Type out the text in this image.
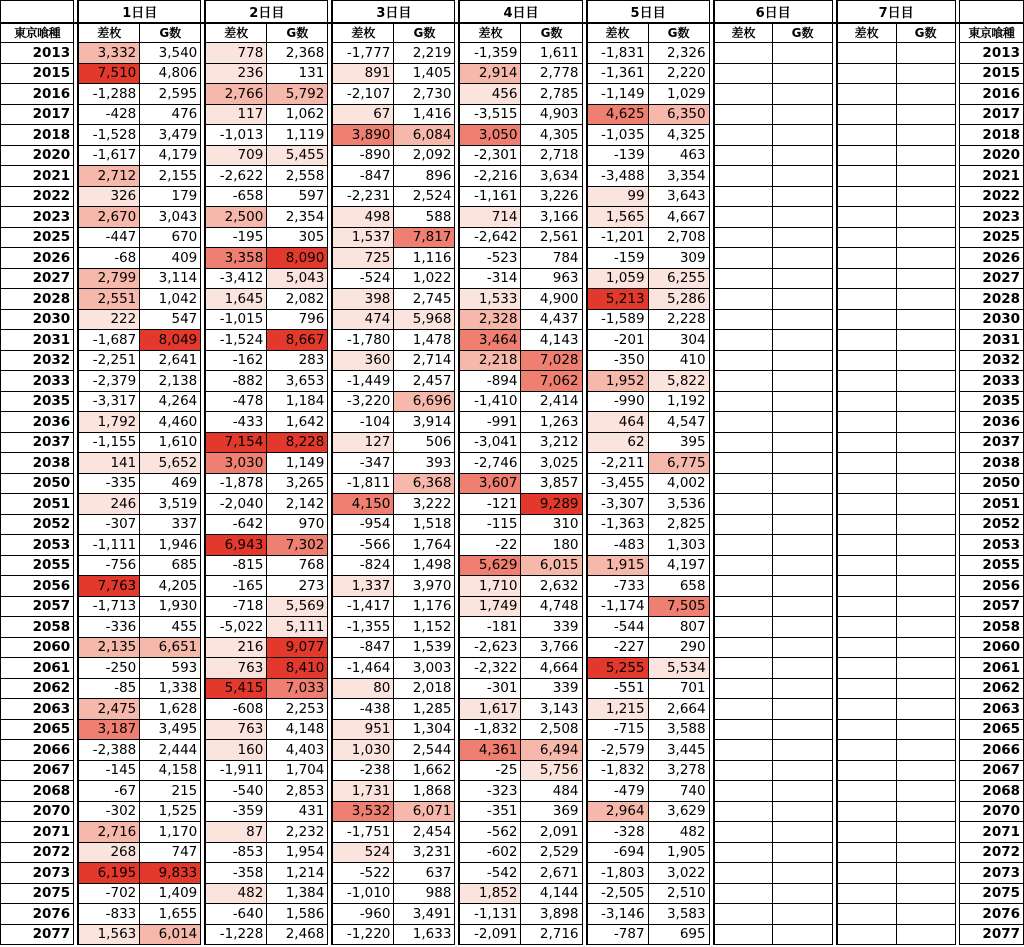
		1日目			2日目			3日目			4日目			5日目			6日目			7日目			
東京喰種		差枚	G数		差枚	G数		差枚	G数		差枚	G数		差枚	G数		差枚	G数		差枚	G数		東京喰種
2013		3,332	3,540		778	2,368		-1,777	2,219		-1,359	1,611		-1,831	2,326								2013
2015		7,510	4,806		236	131		891	1,405		2,914	2,778		-1,361	2,220								2015
2016		-1,288	2,595		2,766	5,792		-2,107	2,730		456	2,785		-1,149	1,029								2016
2017		-428	476		117	1,062		67	1,416		-3,515	4,903		4,625	6,350								2017
2018		-1,528	3,479		-1,013	1,119		3,890	6,084		3,050	4,305		-1,035	4,325								2018
2020		-1,617	4,179		709	5,455		-890	2,092		-2,301	2,718		-139	463								2020
2021		2,712	2,155		-2,622	2,558		-847	896		-2,216	3,634		-3,488	3,354								2021
2022		326	179		-658	597		-2,231	2,524		-1,161	3,226		99	3,643								2022
2023		2,670	3,043		2,500	2,354		498	588		714	3,166		1,565	4,667								2023
2025		-447	670		-195	305		1,537	7,817		-2,642	2,561		-1,201	2,708								2025
2026		-68	409		3,358	8,090		725	1,116		-523	784		-159	309								2026
2027		2,799	3,114		-3,412	5,043		-524	1,022		-314	963		1,059	6,255								2027
2028		2,551	1,042		1,645	2,082		398	2,745		1,533	4,900		5,213	5,286								2028
2030		222	547		-1,015	796		474	5,968		2,328	4,437		-1,589	2,228								2030
2031		-1,687	8,049		-1,524	8,667		-1,780	1,478		3,464	4,143		-201	304								2031
2032		-2,251	2,641		-162	283		360	2,714		2,218	7,028		-350	410								2032
2033		-2,379	2,138		-882	3,653		-1,449	2,457		-894	7,062		1,952	5,822								2033
2035		-3,317	4,264		-478	1,184		-3,220	6,696		-1,410	2,414		-990	1,192								2035
2036		1,792	4,460		-433	1,642		-104	3,914		-991	1,263		464	4,547								2036
2037		-1,155	1,610		7,154	8,228		127	506		-3,041	3,212		62	395								2037
2038		141	5,652		3,030	1,149		-347	393		-2,746	3,025		-2,211	6,775								2038
2050		-335	469		-1,878	3,265		-1,811	6,368		3,607	3,857		-3,455	4,002								2050
2051		246	3,519		-2,040	2,142		4,150	3,222		-121	9,289		-3,307	3,536								2051
2052		-307	337		-642	970		-954	1,518		-115	310		-1,363	2,825								2052
2053		-1,111	1,946		6,943	7,302		-566	1,764		-22	180		-483	1,303								2053
2055		-756	685		-815	768		-824	1,498		5,629	6,015		1,915	4,197								2055
2056		7,763	4,205		-165	273		1,337	3,970		1,710	2,632		-733	658								2056
2057		-1,713	1,930		-718	5,569		-1,417	1,176		1,749	4,748		-1,174	7,505								2057
2058		-336	455		-5,022	5,111		-1,355	1,152		-181	339		-544	807								2058
2060		2,135	6,651		216	9,077		-847	1,539		-2,623	3,766		-227	290								2060
2061		-250	593		763	8,410		-1,464	3,003		-2,322	4,664		5,255	5,534								2061
2062		-85	1,338		5,415	7,033		80	2,018		-301	339		-551	701								2062
2063		2,475	1,628		-608	2,253		-438	1,285		1,617	3,143		1,215	2,664								2063
2065		3,187	3,495		763	4,148		951	1,304		-1,832	2,508		-715	3,588								2065
2066		-2,388	2,444		160	4,403		1,030	2,544		4,361	6,494		-2,579	3,445								2066
2067		-145	4,158		-1,911	1,704		-238	1,662		-25	5,756		-1,832	3,278								2067
2068		-67	215		-540	2,853		1,731	1,868		-323	484		-479	740								2068
2070		-302	1,525		-359	431		3,532	6,071		-351	369		2,964	3,629								2070
2071		2,716	1,170		87	2,232		-1,751	2,454		-562	2,091		-328	482								2071
2072		268	747		-853	1,954		524	3,231		-602	2,529		-694	1,905								2072
2073		6,195	9,833		-358	1,214		-522	637		-542	2,671		-1,803	3,022								2073
2075		-702	1,409		482	1,384		-1,010	988		1,852	4,144		-2,505	2,510								2075
2076		-833	1,655		-640	1,586		-960	3,491		-1,131	3,898		-3,146	3,583								2076
2077		1,563	6,014		-1,228	2,468		-1,220	1,633		-2,091	2,716		-787	695								2077
